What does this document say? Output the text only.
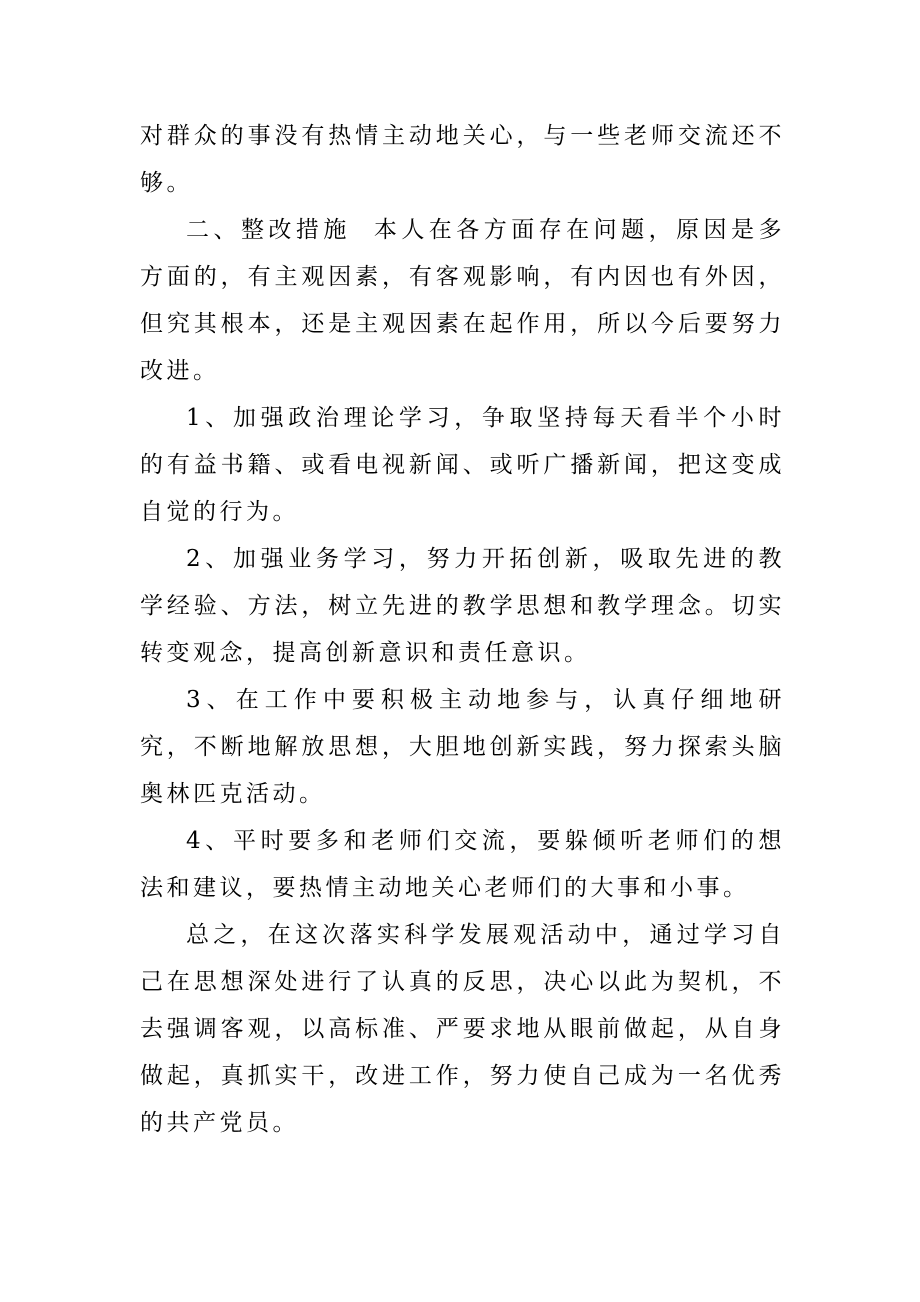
对群众的事没有热情主动地关心，与一些老师交流还不够。

二、整改措施 本人在各方面存在问题，原因是多方面的，有主观因素，有客观影响，有内因也有外因，但究其根本，还是主观因素在起作用，所以今后要努力改进。

1、加强政治理论学习，争取坚持每天看半个小时的有益书籍、或看电视新闻、或听广播新闻，把这变成自觉的行为。

2、加强业务学习，努力开拓创新，吸取先进的教学经验、方法，树立先进的教学思想和教学理念。切实转变观念，提高创新意识和责任意识。

3、在工作中要积极主动地参与，认真仔细地研究，不断地解放思想，大胆地创新实践，努力探索头脑奥林匹克活动。

4、平时要多和老师们交流，要躲倾听老师们的想法和建议，要热情主动地关心老师们的大事和小事。

总之，在这次落实科学发展观活动中，通过学习自己在思想深处进行了认真的反思，决心以此为契机，不去强调客观，以高标准、严要求地从眼前做起，从自身做起，真抓实干，改进工作，努力使自己成为一名优秀的共产党员。
